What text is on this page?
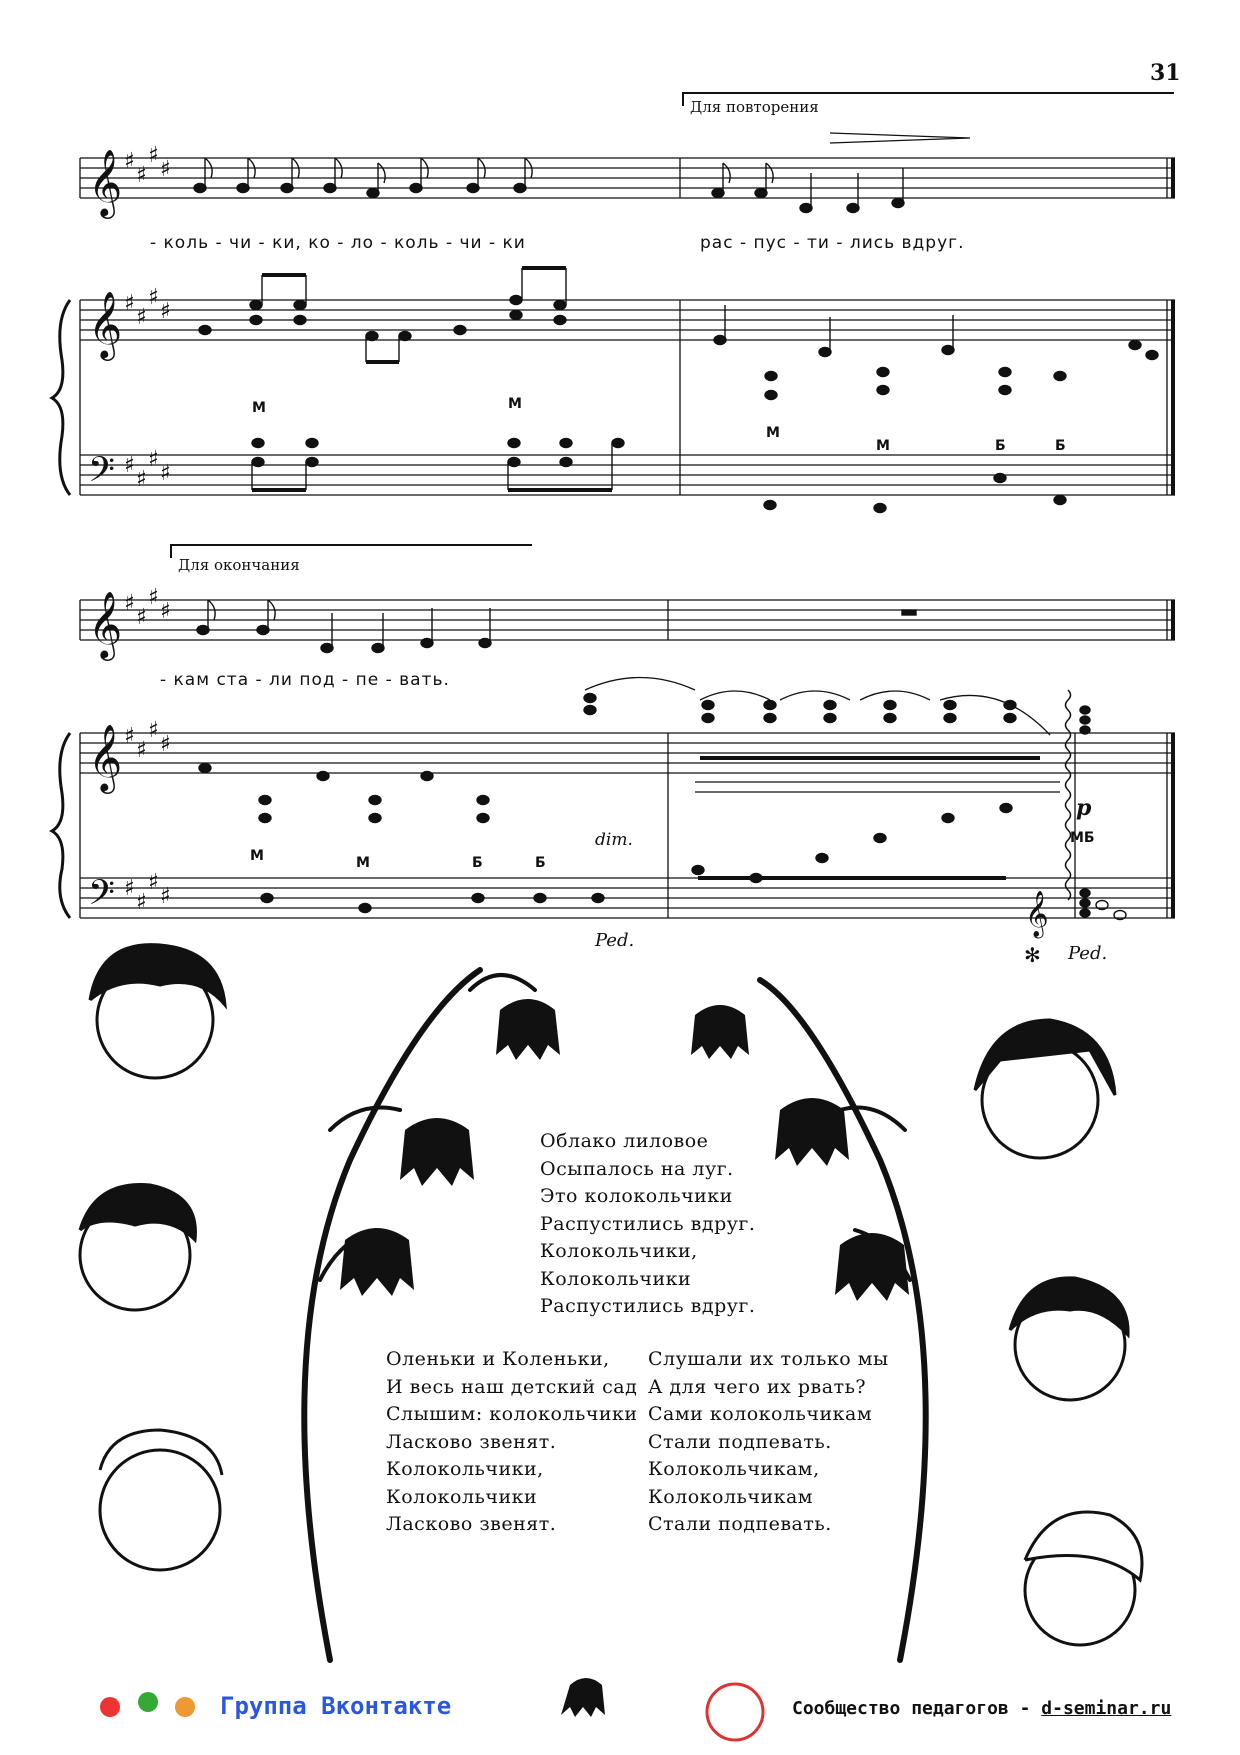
31
𝄞
𝄞
𝄢
𝄞
𝄞
𝄢	𝄞
♯
♯
♯
♯
♯
♯
♯
♯
♯
♯
♯
♯
♯
♯
♯
♯
♯
♯
♯
♯
♯
♯
♯
♯
Для повторения
Для окончания
- коль - чи - ки, ко - ло - коль - чи - ки	рас - пус - ти - лись вдруг.
- кам ста - ли под - пе - вать.
М	М
М
М	Б	Б
М	М	Б	Б
dim.
p
МБ
Ped.
✻ Ped.
Облако лиловое
Осыпалось на луг.
Это колокольчики
Распустились вдруг.
Колокольчики,
Колокольчики
Распустились вдруг.
Оленьки и Коленьки,
И весь наш детский сад
Слышим: колокольчики
Ласково звенят.
Колокольчики,
Колокольчики
Ласково звенят.
Слушали их только мы
А для чего их рвать?
Сами колокольчикам
Стали подпевать.
Колокольчикам,
Колокольчикам
Стали подпевать.
Группа Вконтакте	Сообщество педагогов - d-seminar.ru
